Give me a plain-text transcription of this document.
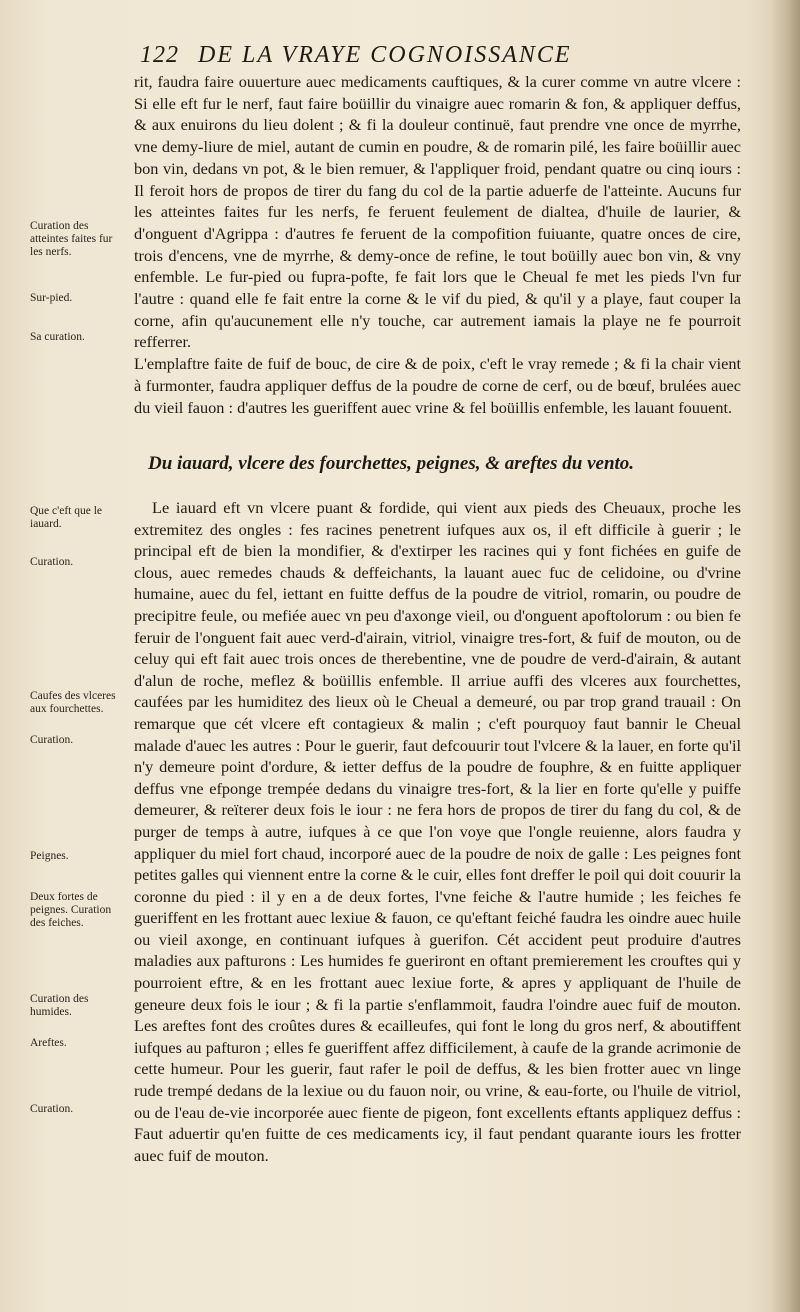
122 DE LA VRAYE COGNOISSANCE

rit, faudra faire ouuerture auec medicaments cauftiques, & la curer comme vn autre vlcere : Si elle eft fur le nerf, faut faire boüillir du vinaigre auec romarin & fon, & appliquer deffus, & aux enuirons du lieu dolent ; & fi la douleur continuë, faut prendre vne once de myrrhe, vne demy-liure de miel, autant de cumin en poudre, & de romarin pilé, les faire boüillir auec bon vin, dedans vn pot, & le bien remuer, & l'appliquer froid, pendant quatre ou cinq iours : Il feroit hors de propos de tirer du fang du col de la partie aduerfe de l'atteinte. Aucuns fur les atteintes faites fur les nerfs, fe feruent feulement de dialtea, d'huile de laurier, & d'onguent d'Agrippa : d'autres fe feruent de la compofition fuiuante, quatre onces de cire, trois d'encens, vne de myrrhe, & demy-once de refine, le tout boüilly auec bon vin, & vny enfemble. Le fur-pied ou fupra-pofte, fe fait lors que le Cheual fe met les pieds l'vn fur l'autre : quand elle fe fait entre la corne & le vif du pied, & qu'il y a playe, faut couper la corne, afin qu'aucunement elle n'y touche, car autrement iamais la playe ne fe pourroit refferrer.

L'emplaftre faite de fuif de bouc, de cire & de poix, c'eft le vray remede ; & fi la chair vient à furmonter, faudra appliquer deffus de la poudre de corne de cerf, ou de bœuf, brulées auec du vieil fauon : d'autres les gueriffent auec vrine & fel boüillis enfemble, les lauant fouuent.

Du iauard, vlcere des fourchettes, peignes, & areftes du vento.

Le iauard eft vn vlcere puant & fordide, qui vient aux pieds des Cheuaux, proche les extremitez des ongles : fes racines penetrent iufques aux os, il eft difficile à guerir ; le principal eft de bien la mondifier, & d'extirper les racines qui y font fichées en guife de clous, auec remedes chauds & deffeichants, la lauant auec fuc de celidoine, ou d'vrine humaine, auec du fel, iettant en fuitte deffus de la poudre de vitriol, romarin, ou poudre de precipitre feule, ou mefiée auec vn peu d'axonge vieil, ou d'onguent apoftolorum : ou bien fe feruir de l'onguent fait auec verd-d'airain, vitriol, vinaigre tres-fort, & fuif de mouton, ou de celuy qui eft fait auec trois onces de therebentine, vne de poudre de verd-d'airain, & autant d'alun de roche, meflez & boüillis enfemble. Il arriue auffi des vlceres aux fourchettes, caufées par les humiditez des lieux où le Cheual a demeuré, ou par trop grand trauail : On remarque que cét vlcere eft contagieux & malin ; c'eft pourquoy faut bannir le Cheual malade d'auec les autres : Pour le guerir, faut defcouurir tout l'vlcere & la lauer, en forte qu'il n'y demeure point d'ordure, & ietter deffus de la poudre de fouphre, & en fuitte appliquer deffus vne efponge trempée dedans du vinaigre tres-fort, & la lier en forte qu'elle y puiffe demeurer, & reïterer deux fois le iour : ne fera hors de propos de tirer du fang du col, & de purger de temps à autre, iufques à ce que l'on voye que l'ongle reuienne, alors faudra y appliquer du miel fort chaud, incorporé auec de la poudre de noix de galle : Les peignes font petites galles qui viennent entre la corne & le cuir, elles font dreffer le poil qui doit couurir la coronne du pied : il y en a de deux fortes, l'vne feiche & l'autre humide ; les feiches fe gueriffent en les frottant auec lexiue & fauon, ce qu'eftant feiché faudra les oindre auec huile ou vieil axonge, en continuant iufques à guerifon. Cét accident peut produire d'autres maladies aux pafturons : Les humides fe gueriront en oftant premierement les crouftes qui y pourroient eftre, & en les frottant auec lexiue forte, & apres y appliquant de l'huile de geneure deux fois le iour ; & fi la partie s'enflammoit, faudra l'oindre auec fuif de mouton. Les areftes font des croûtes dures & ecailleufes, qui font le long du gros nerf, & aboutiffent iufques au pafturon ; elles fe gueriffent affez difficilement, à caufe de la grande acrimonie de cette humeur. Pour les guerir, faut rafer le poil de deffus, & les bien frotter auec vn linge rude trempé dedans de la lexiue ou du fauon noir, ou vrine, & eau-forte, ou l'huile de vitriol, ou de l'eau de-vie incorporée auec fiente de pigeon, font excellents eftants appliquez deffus : Faut aduertir qu'en fuitte de ces medicaments icy, il faut pendant quarante iours les frotter auec fuif de mouton.

Curation des atteintes faites fur les nerfs.
Sur-pied.
Sa curation.
Que c'eft que le iauard.
Curation.
Caufes des vlceres aux fourchettes.
Curation.
Peignes.
Deux fortes de peignes. Curation des feiches.
Curation des humides.
Areftes.
Curation.
